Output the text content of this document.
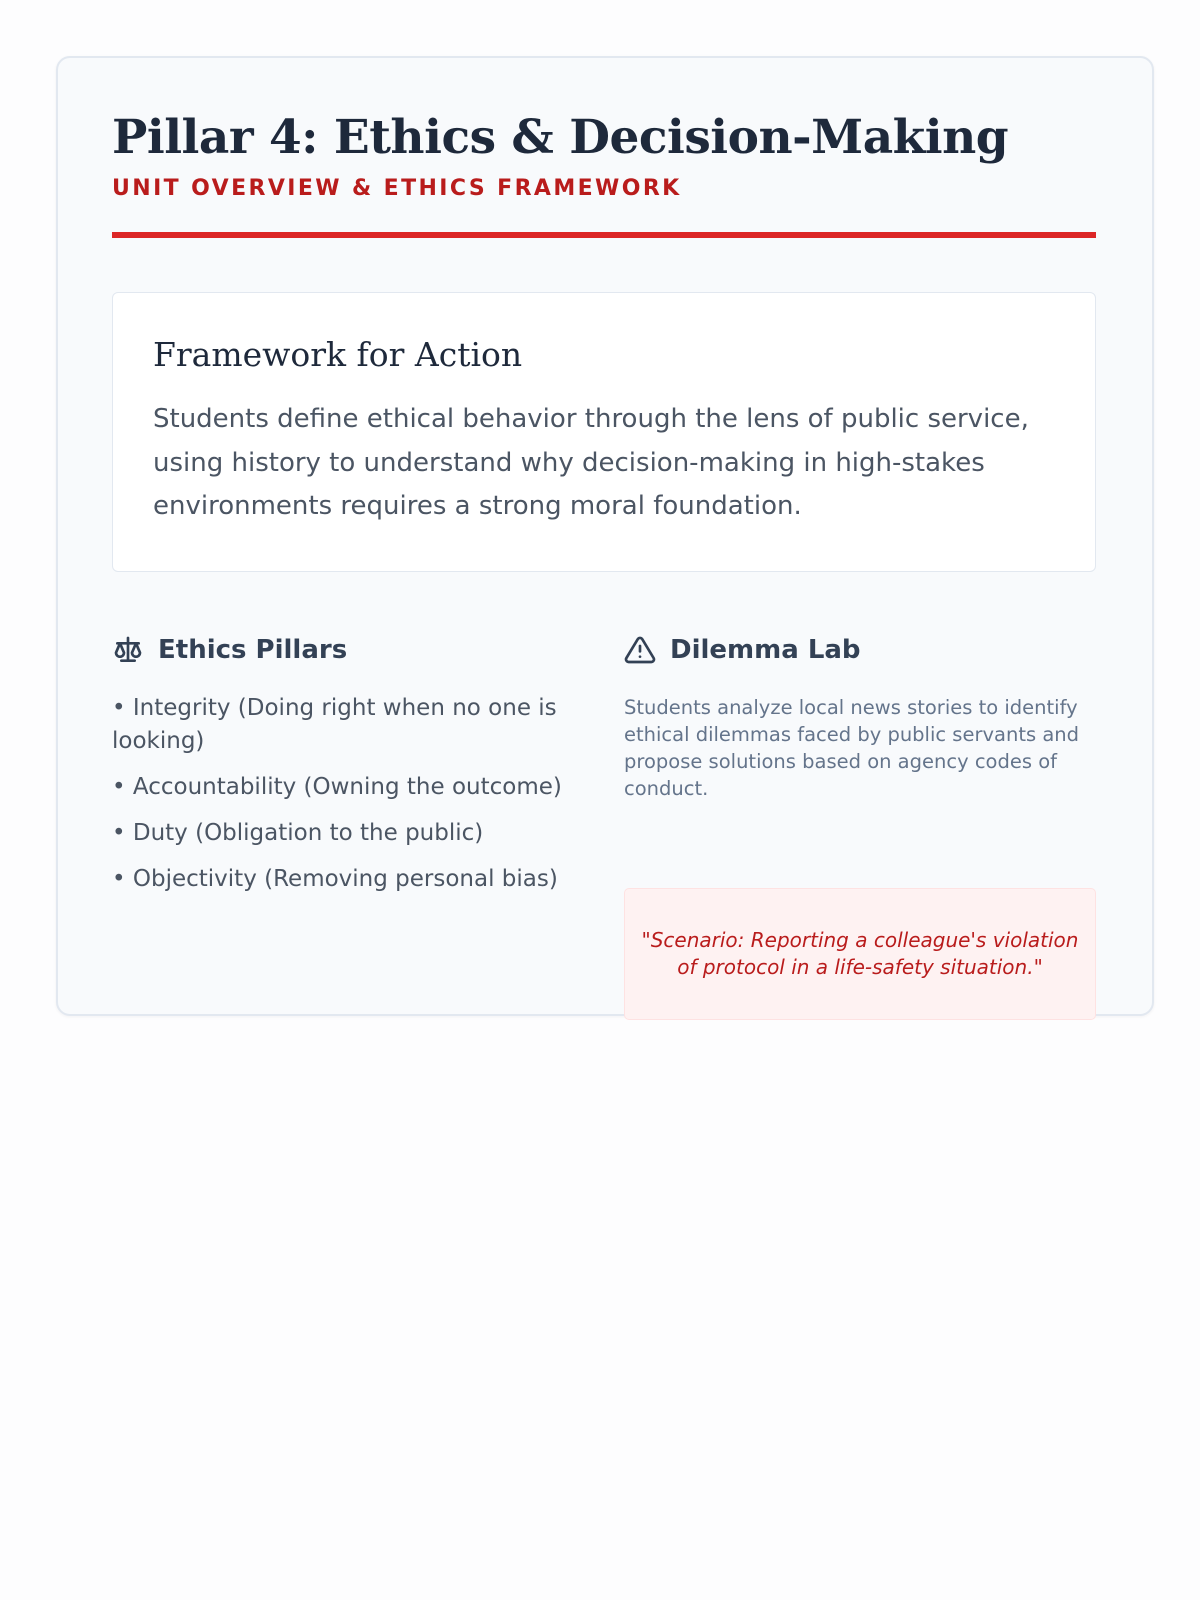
Pillar 4: Ethics & Decision-Making
UNIT OVERVIEW & ETHICS FRAMEWORK
Framework for Action

Students define ethical behavior through the lens of public service, using history to understand why decision-making in high-stakes environments requires a strong moral foundation.

Ethics Pillars
• Integrity (Doing right when no one is looking)
• Accountability (Owning the outcome)
• Duty (Obligation to the public)
• Objectivity (Removing personal bias)
Dilemma Lab

Students analyze local news stories to identify ethical dilemmas faced by public servants and propose solutions based on agency codes of conduct.

"Scenario: Reporting a colleague's violation of protocol in a life-safety situation."
